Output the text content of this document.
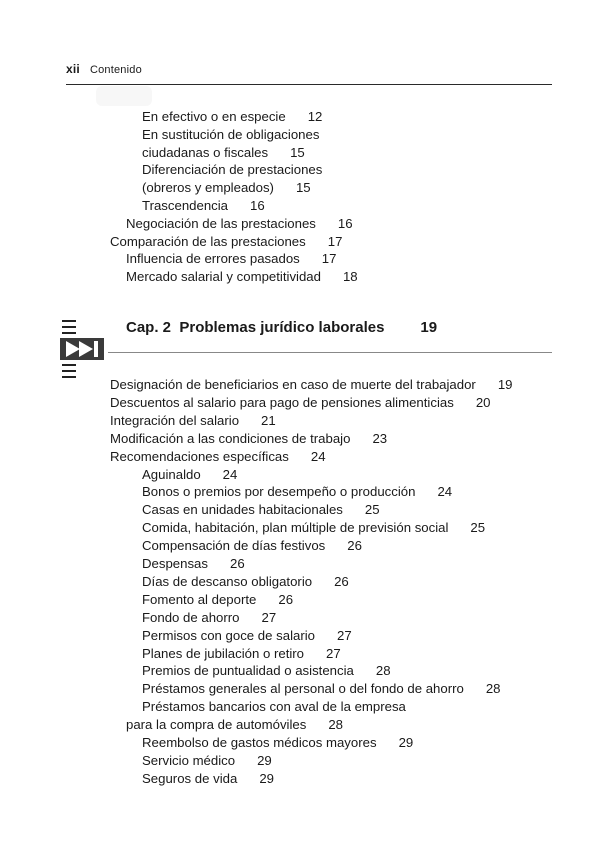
xii Contenido
En efectivo o en especie 12
En sustitución de obligaciones
ciudadanas o fiscales 15
Diferenciación de prestaciones
(obreros y empleados) 15
Trascendencia 16
Negociación de las prestaciones 16
Comparación de las prestaciones 17
Influencia de errores pasados 17
Mercado salarial y competitividad 18
Cap. 2  Problemas jurídico laborales 19
Designación de beneficiarios en caso de muerte del trabajador 19
Descuentos al salario para pago de pensiones alimenticias 20
Integración del salario 21
Modificación a las condiciones de trabajo 23
Recomendaciones específicas 24
Aguinaldo 24
Bonos o premios por desempeño o producción 24
Casas en unidades habitacionales 25
Comida, habitación, plan múltiple de previsión social 25
Compensación de días festivos 26
Despensas 26
Días de descanso obligatorio 26
Fomento al deporte 26
Fondo de ahorro 27
Permisos con goce de salario 27
Planes de jubilación o retiro 27
Premios de puntualidad o asistencia 28
Préstamos generales al personal o del fondo de ahorro 28
Préstamos bancarios con aval de la empresa
para la compra de automóviles 28
Reembolso de gastos médicos mayores 29
Servicio médico 29
Seguros de vida 29
